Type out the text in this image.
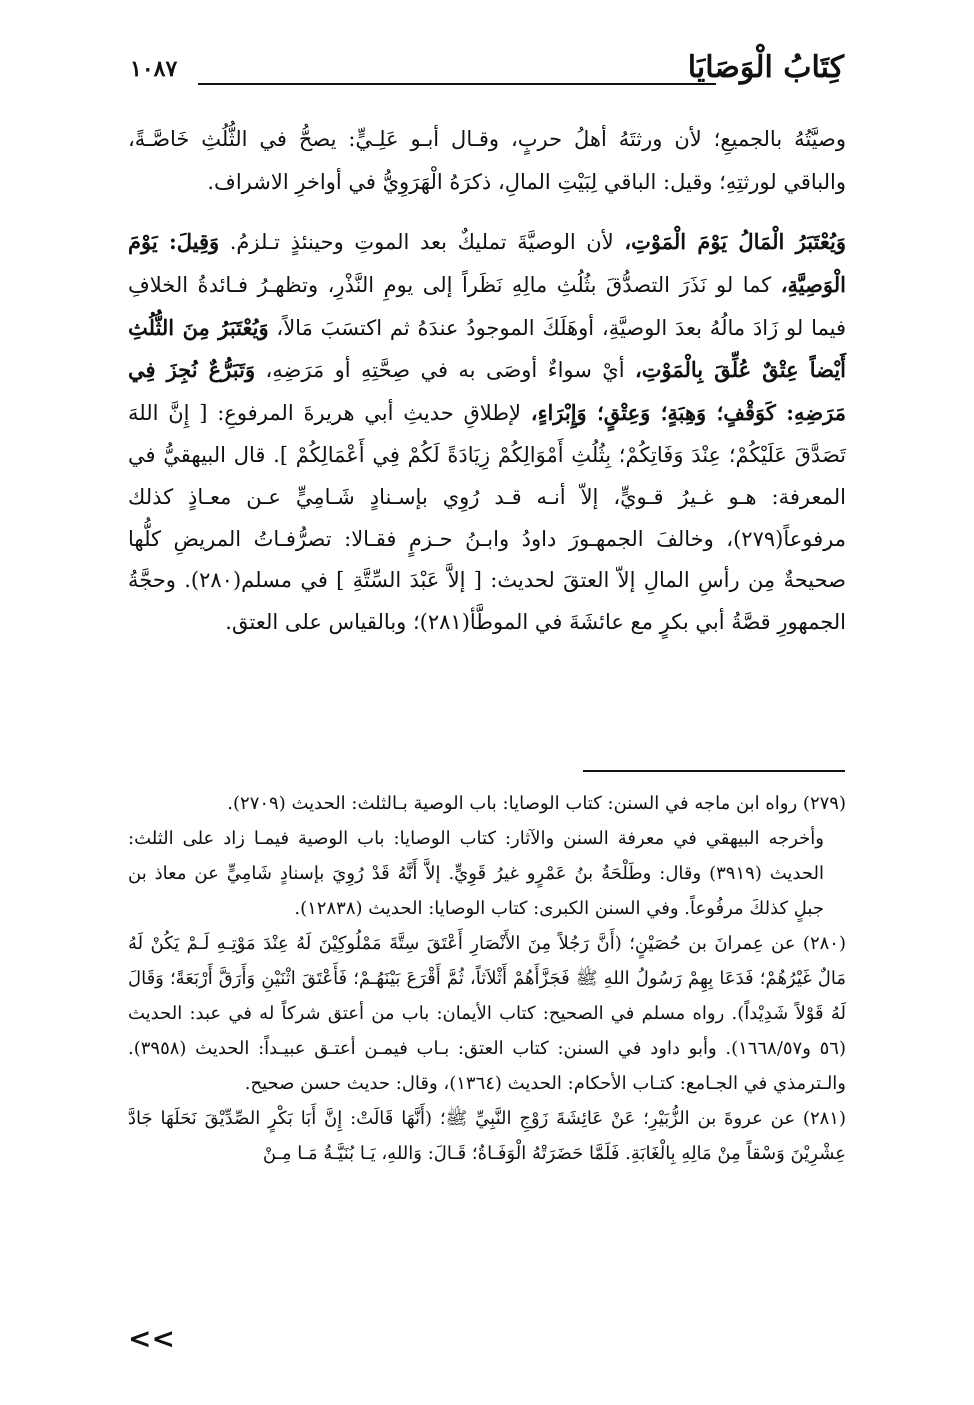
١٠٨٧	كِتَابُ الْوَصَايَا

وصيَّتُهُ بالجميعِ؛ لأن ورثتَهُ أهلُ حربٍ، وقـال أبـو عَلِـيٍّ: يصحُّ في الثُّلُثِ خَاصَّـةً، والباقي لورثتِهِ؛ وقيل: الباقي لِبَيْتِ المالِ، ذكرَهُ الْهَرَوِيُّ في أواخرِ الاشراف.

وَيُعْتَبَرُ الْمَالُ يَوْمَ الْمَوْتِ، لأن الوصيَّةَ تمليكٌ بعد الموتِ وحينئذٍ تـلزمُ. وَقِيلَ: يَوْمَ الْوَصِيَّةِ، كما لو نَذَرَ التصدُّقَ بثُلُثِ مالِهِ نَظَراً إلى يومِ النَّذْرِ، وتظهـرُ فـائدةُ الخلافِ فيما لو زَادَ مالُهُ بعدَ الوصيَّةِ، أوهَلَكَ الموجودُ عندَهُ ثم اكتسَبَ مَالاً، وَيُعْتَبَرُ مِنَ الثُّلُثِ أَيْضاً عِتْقٌ عُلِّقَ بِالْمَوْتِ، أيْ سواءٌ أوصَى به في صِحَّتِهِ أو مَرَضِهِ، وَتَبَرُّعٌ نُجِزَ فِي مَرَضِهِ: كَوَقْفٍ؛ وَهِبَةٍ؛ وَعِتْقٍ؛ وَإِبْرَاءٍ، لإطلاقِ حديثِ أبي هريرةَ المرفوعِ: [ إِنَّ اللهَ تَصَدَّقَ عَلَيْكُمْ؛ عِنْدَ وَفَاتِكُمْ؛ بِثُلُثِ أَمْوَالِكُمْ زِيَادَةً لَكُمْ فِي أَعْمَالِكُمْ ]. قال البيهقيُّ في المعرفة: هـو غـيرُ قـويٍّ، إلاّ أنـه قـد رُوِي بإسـنادٍ شَـامِيٍّ عـن معـاذٍ كذلك مرفوعاً(٢٧٩)، وخالفَ الجمهـورَ داودُ وابـنُ حـزمٍ فقـالا: تصرُّفـاتُ المريضِ كلُّها صحيحةٌ مِن رأسِ المالِ إلاّ العتقَ لحديث: [ إلاَّ عَبْدَ السِّتَّةِ ] في مسلم(٢٨٠). وحجَّةُ الجمهورِ قصَّةُ أبي بكرٍ مع عائشَةَ في الموطَّأ(٢٨١)؛ وبالقياس على العتق.

(٢٧٩) رواه ابن ماجه في السنن: كتاب الوصايا: باب الوصية بـالثلث: الحديث (٢٧٠٩).

وأخرجه البيهقي في معرفة السنن والآثار: كتاب الوصايا: باب الوصية فيمـا زاد على الثلث: الحديث (٣٩١٩) وقال: وطَلْحَةُ بنُ عَمْرٍو غيرُ قَوِيٍّ. إلاَّ أَنَّهُ قَدْ رُوِيَ بإسنادٍ شَامِيٍّ عن معاذ بن جبلٍ كذلكَ مرفُوعاً. وفي السنن الكبرى: كتاب الوصايا: الحديث (١٢٨٣٨).

(٢٨٠) عن عِمرانَ بن حُصَيْنٍ؛ (أَنَّ رَجُلاً مِنَ الأَنْصَارِ أَعْتَقَ سِتَّةَ مَمْلُوكِيْنَ لَهُ عِنْدَ مَوْتِـهِ لَـمْ يَكُنْ لَهُ مَالٌ غَيْرُهُمْ؛ فَدَعَا بِهِمْ رَسُولُ اللهِ ﷺ فَجَزَّأَهُمْ أَثْلاَثاً، ثُمَّ أَقْرَعَ بَيْنَهُـمْ؛ فَأَعْتَقَ اثْنَيْنِ وَأَرَقَّ أَرْبَعَةً؛ وَقَالَ لَهُ قَوْلاً شَدِيْداً). رواه مسلم في الصحيح: كتاب الأيمان: باب من أعتق شركاً له في عبد: الحديث (٥٦ و١٦٦٨/٥٧). وأبو داود في السنن: كتاب العتق: بـاب فيمـن أعتـق عبيـداً: الحديث (٣٩٥٨). والـترمذي في الجـامع: كتـاب الأحكام: الحديث (١٣٦٤)، وقال: حديث حسن صحيح.

(٢٨١) عن عروةَ بن الزُّبَيْرِ؛ عَنْ عَائِشَةَ زَوْجِ النَّبِيِّ ﷺ؛ (أَنَّهَا قَالَتْ: إِنَّ أَبَا بَكْرٍ الصِّدِّيْقَ نَحَلَهَا جَادَّ عِشْرِيْنَ وَسْقاً مِنْ مَالِهِ بِالْغَابَةِ. فَلَمَّا حَضَرَتْهُ الْوَفَـاةُ؛ قَـالَ: وَاللهِ، يَـا بُنَيَّـةُ مَـا مِـنْ

<<
